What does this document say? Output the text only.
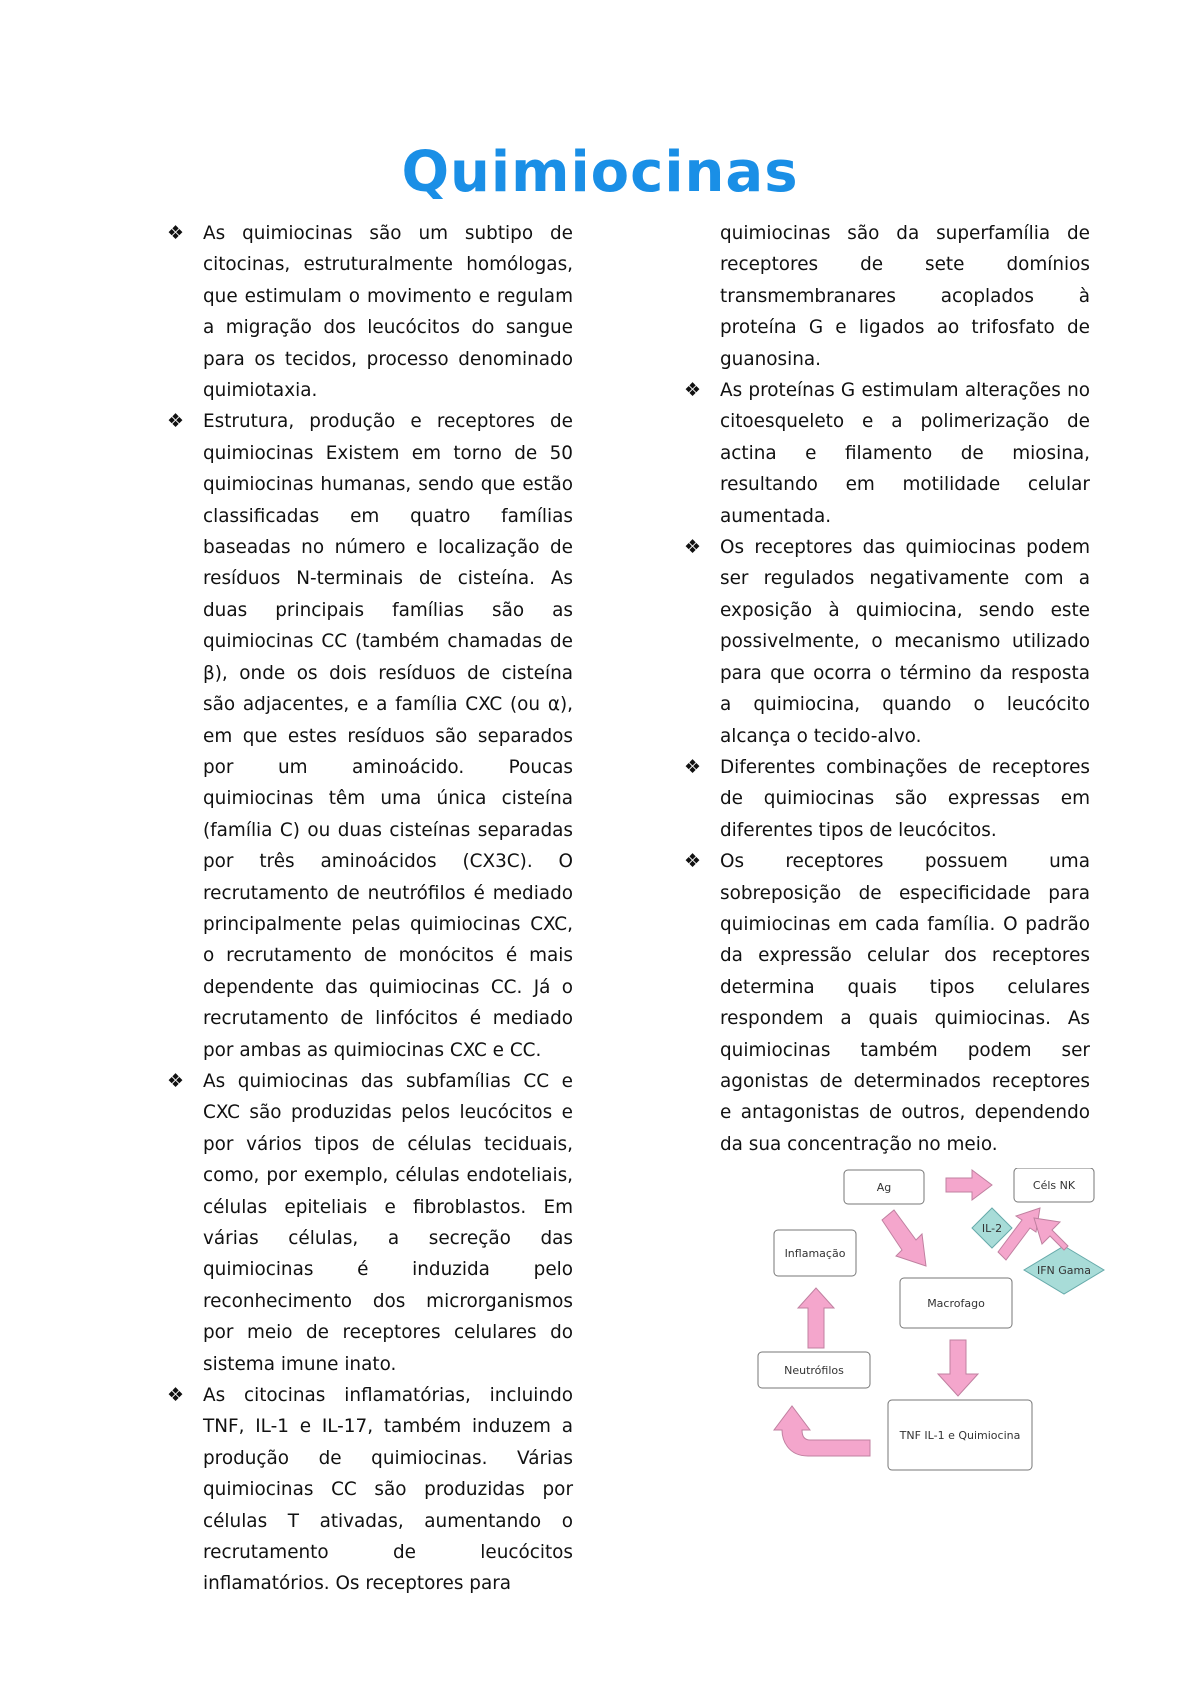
Quimiocinas

❖ As quimiocinas são um subtipo de citocinas, estruturalmente homólogas, que estimulam o movimento e regulam a migração dos leucócitos do sangue para os tecidos, processo denominado quimiotaxia.

❖ Estrutura, produção e receptores de quimiocinas Existem em torno de 50 quimiocinas humanas, sendo que estão classificadas em quatro famílias baseadas no número e localização de resíduos N-terminais de cisteína. As duas principais famílias são as quimiocinas CC (também chamadas de β), onde os dois resíduos de cisteína são adjacentes, e a família CXC (ou α), em que estes resíduos são separados por um aminoácido. Poucas quimiocinas têm uma única cisteína (família C) ou duas cisteínas separadas por três aminoácidos (CX3C). O recrutamento de neutrófilos é mediado principalmente pelas quimiocinas CXC, o recrutamento de monócitos é mais dependente das quimiocinas CC. Já o recrutamento de linfócitos é mediado por ambas as quimiocinas CXC e CC.

❖ As quimiocinas das subfamílias CC e CXC são produzidas pelos leucócitos e por vários tipos de células teciduais, como, por exemplo, células endoteliais, células epiteliais e fibroblastos. Em várias células, a secreção das quimiocinas é induzida pelo reconhecimento dos microrganismos por meio de receptores celulares do sistema imune inato.

❖ As citocinas inflamatórias, incluindo TNF, IL-1 e IL-17, também induzem a produção de quimiocinas. Várias quimiocinas CC são produzidas por células T ativadas, aumentando o recrutamento de leucócitos inflamatórios. Os receptores para

quimiocinas são da superfamília de receptores de sete domínios transmembranares acoplados à proteína G e ligados ao trifosfato de guanosina.

❖ As proteínas G estimulam alterações no citoesqueleto e a polimerização de actina e filamento de miosina, resultando em motilidade celular aumentada.

❖ Os receptores das quimiocinas podem ser regulados negativamente com a exposição à quimiocina, sendo este possivelmente, o mecanismo utilizado para que ocorra o término da resposta a quimiocina, quando o leucócito alcança o tecido-alvo.

❖ Diferentes combinações de receptores de quimiocinas são expressas em diferentes tipos de leucócitos.

❖ Os receptores possuem uma sobreposição de especificidade para quimiocinas em cada família. O padrão da expressão celular dos receptores determina quais tipos celulares respondem a quais quimiocinas. As quimiocinas também podem ser agonistas de determinados receptores e antagonistas de outros, dependendo da sua concentração no meio.

Ag	Céls NK
Inflamação
Macrofago
Neutrófilos
TNF IL-1 e Quimiocina
IL-2
IFN Gama
